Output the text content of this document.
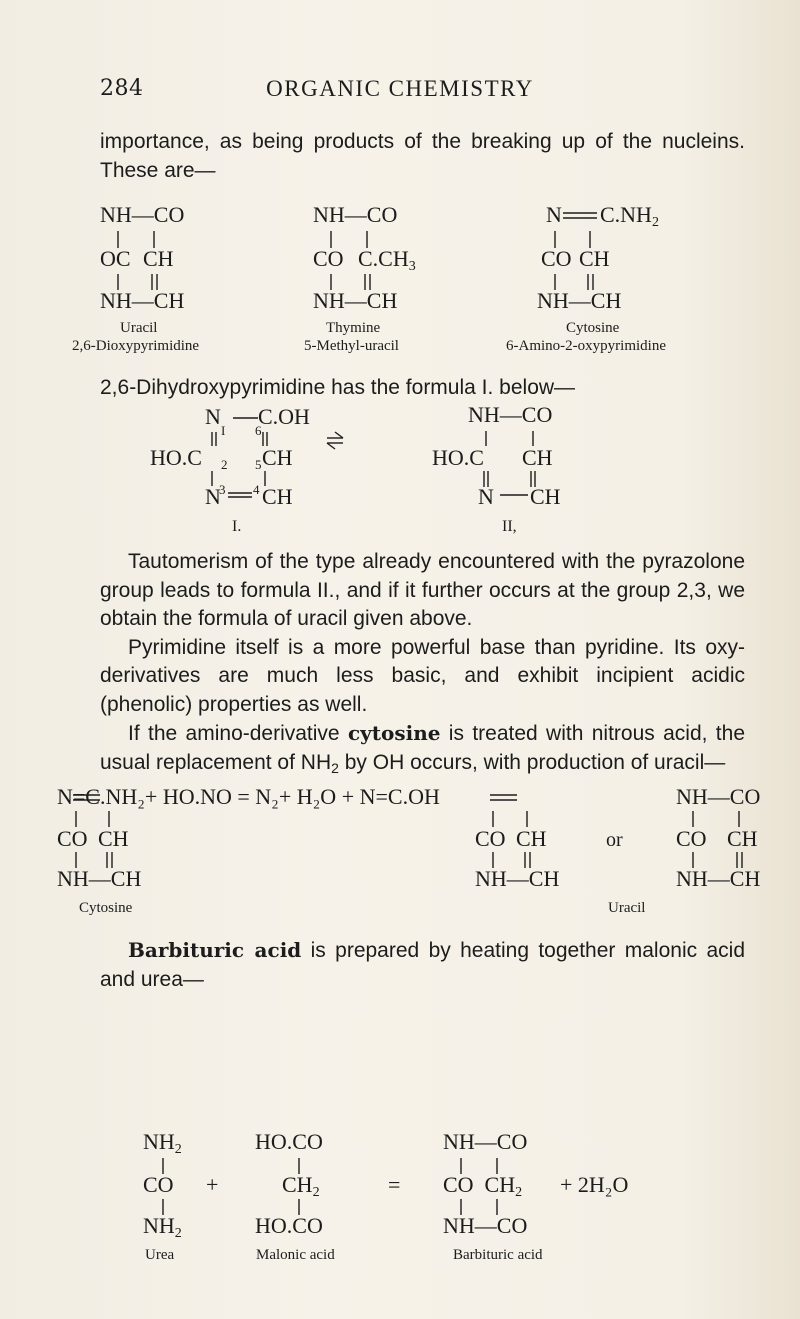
284	ORGANIC CHEMISTRY

importance, as being products of the breaking up of the nucleins. These are—

NH—CO
OC CH
NH—CH
Uracil
2,6-Dioxypyrimidine
NH—CO
CO $C.CH_3$
NH—CH
Thymine
5-Methyl-uracil
N $C.NH_2$
CO CH
NH—CH
Cytosine
6-Amino-2-oxypyrimidine

2,6-Dihydroxypyrimidine has the formula I. below—

N C.OH
I 6
HO.C 2 CH
5
N
3 CH
4
I.
NH—CO
HO.C CH
N CH
II,

Tautomerism of the type already encountered with the pyrazolone group leads to formula II., and if it further occurs at the group 2,3, we obtain the formula of uracil given above.

Pyrimidine itself is a more powerful base than pyridine. Its oxy-derivatives are much less basic, and exhibit incipient acidic (phenolic) properties as well.

If the amino-derivative cytosine is treated with nitrous acid, the usual replacement of $NH_2$ by OH occurs, with production of uracil—

N=C.NH₂+ HO.NO = N₂+ H₂O + N=C.OH	NH—CO
CO CH	CO CH	or CO CH
NH—CH	NH—CH	NH—CH
Cytosine	Uracil

Barbituric acid is prepared by heating together malonic acid and urea—

$NH_2$
CO
$NH_2$
+
HO.CO
$CH_2$
HO.CO
=
NH—CO
CO  $CH_2 + 2H_2O$
NH—CO
Urea	Malonic acid	Barbituric acid
